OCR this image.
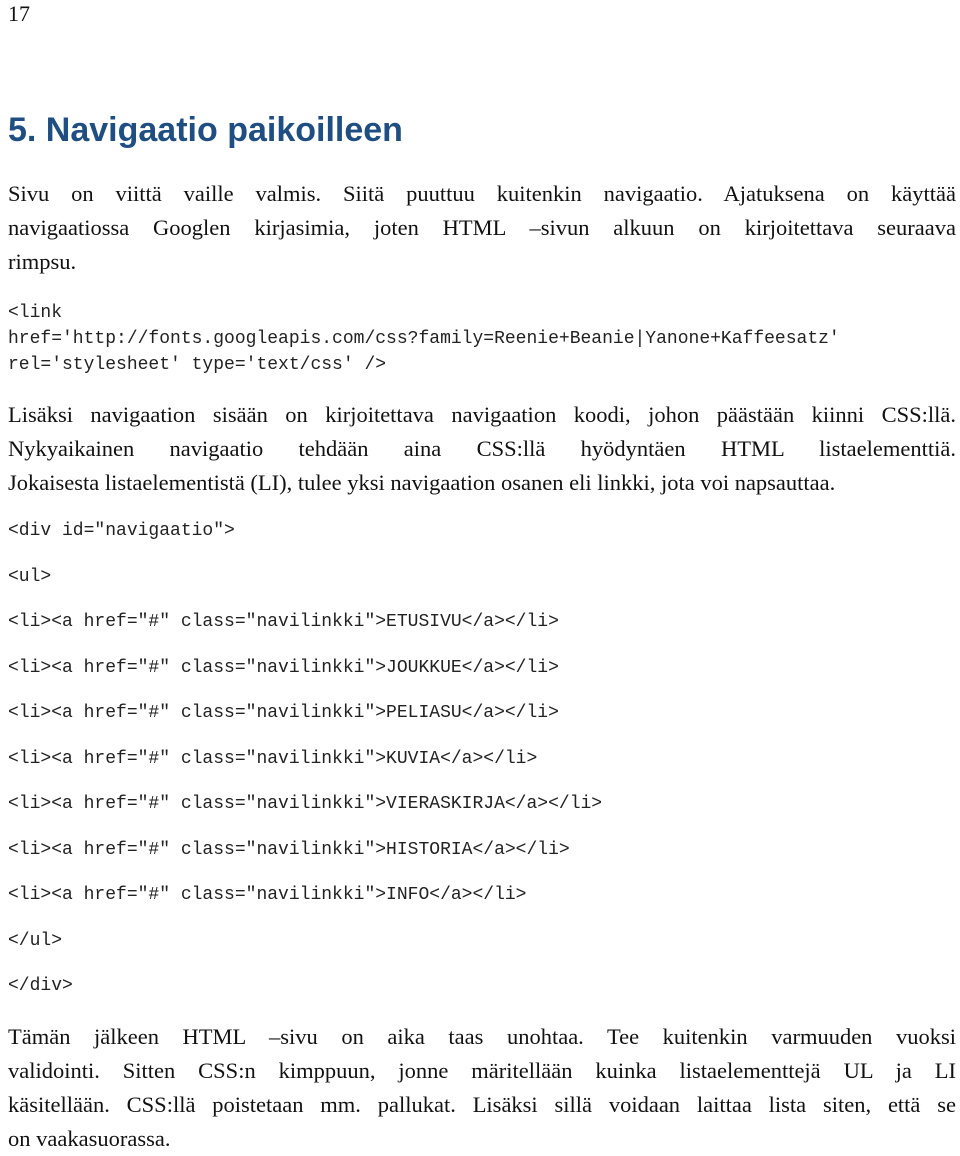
17
5. Navigaatio paikoilleen
Sivu on viittä vaille valmis. Siitä puuttuu kuitenkin navigaatio. Ajatuksena on käyttää
navigaatiossa Googlen kirjasimia, joten HTML –sivun alkuun on kirjoitettava seuraava
rimpsu.
<link
href='http://fonts.googleapis.com/css?family=Reenie+Beanie|Yanone+Kaffeesatz'
rel='stylesheet' type='text/css' />
Lisäksi navigaation sisään on kirjoitettava navigaation koodi, johon päästään kiinni CSS:llä.
Nykyaikainen navigaatio tehdään aina CSS:llä hyödyntäen HTML listaelementtiä.
Jokaisesta listaelementistä (LI), tulee yksi navigaation osanen eli linkki, jota voi napsauttaa.
<div id="navigaatio">
<ul>
<li><a href="#" class="navilinkki">ETUSIVU</a></li>
<li><a href="#" class="navilinkki">JOUKKUE</a></li>
<li><a href="#" class="navilinkki">PELIASU</a></li>
<li><a href="#" class="navilinkki">KUVIA</a></li>
<li><a href="#" class="navilinkki">VIERASKIRJA</a></li>
<li><a href="#" class="navilinkki">HISTORIA</a></li>
<li><a href="#" class="navilinkki">INFO</a></li>
</ul>
</div>
Tämän jälkeen HTML –sivu on aika taas unohtaa. Tee kuitenkin varmuuden vuoksi
validointi. Sitten CSS:n kimppuun, jonne märitellään kuinka listaelementtejä UL ja LI
käsitellään. CSS:llä poistetaan mm. pallukat. Lisäksi sillä voidaan laittaa lista siten, että se
on vaakasuorassa.
